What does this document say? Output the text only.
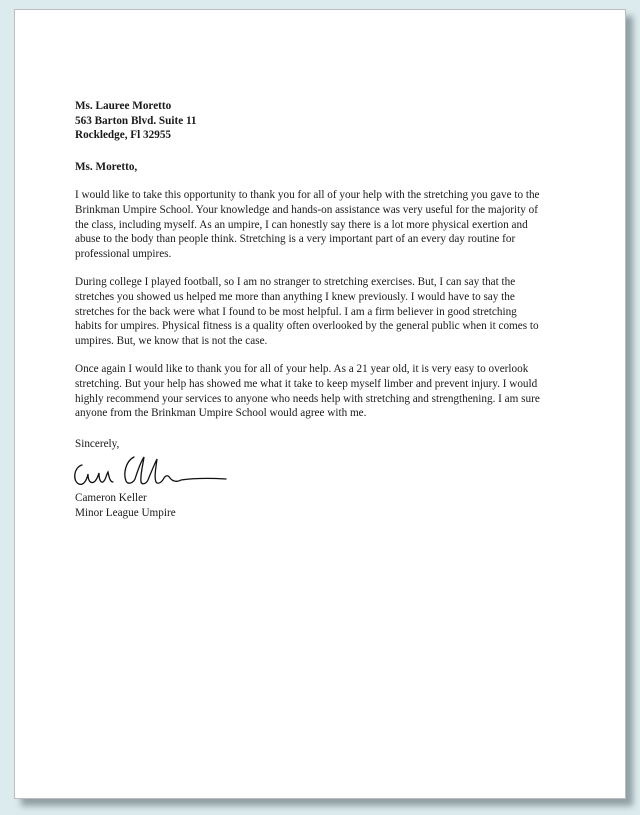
Ms. Lauree Moretto
563 Barton Blvd. Suite 11
Rockledge, Fl 32955
Ms. Moretto,

I would like to take this opportunity to thank you for all of your help with the stretching you gave to the Brinkman Umpire School. Your knowledge and hands-on assistance was very useful for the majority of the class, including myself. As an umpire, I can honestly say there is a lot more physical exertion and abuse to the body than people think. Stretching is a very important part of an every day routine for professional umpires.

During college I played football, so I am no stranger to stretching exercises. But, I can say that the stretches you showed us helped me more than anything I knew previously. I would have to say the stretches for the back were what I found to be most helpful. I am a firm believer in good stretching habits for umpires. Physical fitness is a quality often overlooked by the general public when it comes to umpires. But, we know that is not the case.

Once again I would like to thank you for all of your help. As a 21 year old, it is very easy to overlook stretching. But your help has showed me what it take to keep myself limber and prevent injury. I would highly recommend your services to anyone who needs help with stretching and strengthening. I am sure anyone from the Brinkman Umpire School would agree with me.

Sincerely,
Cameron Keller
Minor League Umpire
